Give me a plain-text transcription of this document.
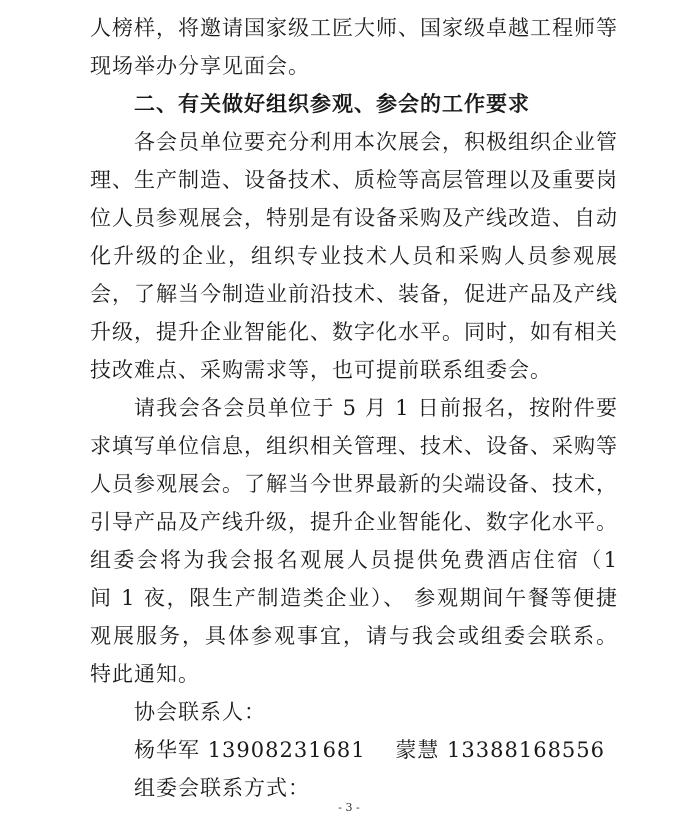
人榜样，将邀请国家级工匠大师、国家级卓越工程师等现场举办分享见面会。

二、有关做好组织参观、参会的工作要求

各会员单位要充分利用本次展会，积极组织企业管理、生产制造、设备技术、质检等高层管理以及重要岗位人员参观展会，特别是有设备采购及产线改造、自动化升级的企业，组织专业技术人员和采购人员参观展会，了解当今制造业前沿技术、装备，促进产品及产线升级，提升企业智能化、数字化水平。同时，如有相关技改难点、采购需求等，也可提前联系组委会。

请我会各会员单位于 5 月 1 日前报名，按附件要求填写单位信息，组织相关管理、技术、设备、采购等人员参观展会。了解当今世界最新的尖端设备、技术， 引导产品及产线升级，提升企业智能化、数字化水平。组委会将为我会报名观展人员提供免费酒店住宿（1 间 1 夜，限生产制造类企业）、 参观期间午餐等便捷观展服务，具体参观事宜，请与我会或组委会联系。 特此通知。

协会联系人：

杨华军 13908231681 蒙慧 13388168556

组委会联系方式：

- 3 -
